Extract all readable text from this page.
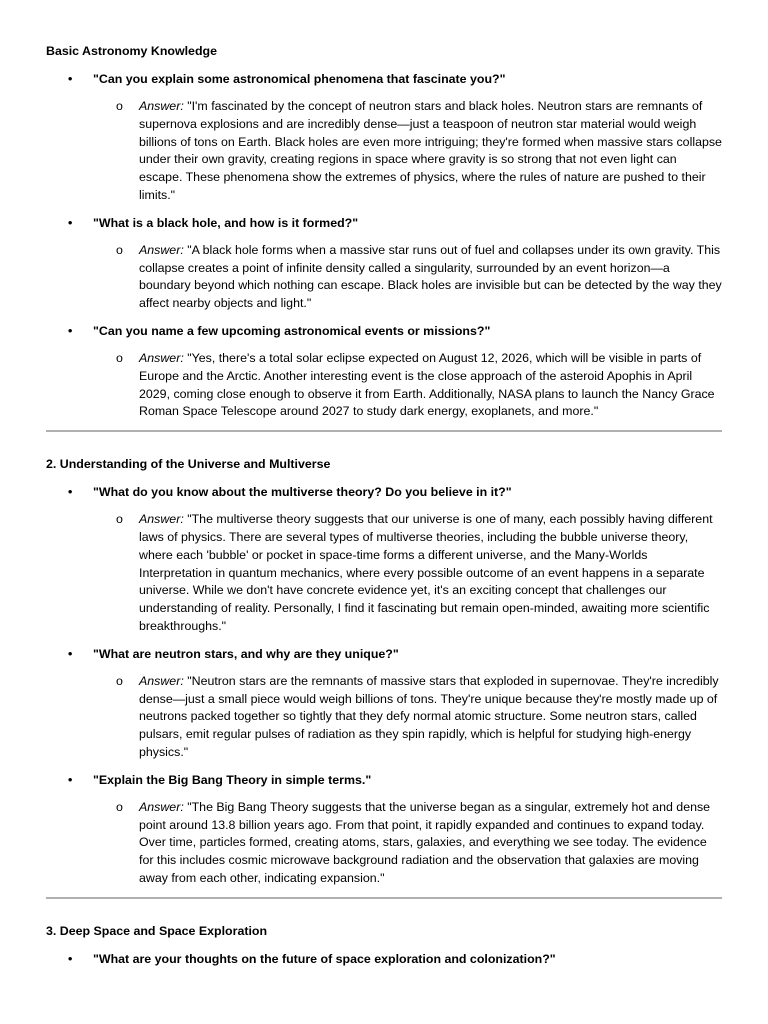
Basic Astronomy Knowledge

• "Can you explain some astronomical phenomena that fascinate you?"
o Answer: "I'm fascinated by the concept of neutron stars and black holes. Neutron stars are remnants of supernova explosions and are incredibly dense—just a teaspoon of neutron star material would weigh billions of tons on Earth. Black holes are even more intriguing; they're formed when massive stars collapse under their own gravity, creating regions in space where gravity is so strong that not even light can escape. These phenomena show the extremes of physics, where the rules of nature are pushed to their limits."
• "What is a black hole, and how is it formed?"
o Answer: "A black hole forms when a massive star runs out of fuel and collapses under its own gravity. This collapse creates a point of infinite density called a singularity, surrounded by an event horizon—a boundary beyond which nothing can escape. Black holes are invisible but can be detected by the way they affect nearby objects and light."
• "Can you name a few upcoming astronomical events or missions?"
o Answer: "Yes, there's a total solar eclipse expected on August 12, 2026, which will be visible in parts of Europe and the Arctic. Another interesting event is the close approach of the asteroid Apophis in April 2029, coming close enough to observe it from Earth. Additionally, NASA plans to launch the Nancy Grace Roman Space Telescope around 2027 to study dark energy, exoplanets, and more."

2. Understanding of the Universe and Multiverse

• "What do you know about the multiverse theory? Do you believe in it?"
o Answer: "The multiverse theory suggests that our universe is one of many, each possibly having different laws of physics. There are several types of multiverse theories, including the bubble universe theory, where each 'bubble' or pocket in space-time forms a different universe, and the Many-Worlds Interpretation in quantum mechanics, where every possible outcome of an event happens in a separate universe. While we don't have concrete evidence yet, it's an exciting concept that challenges our understanding of reality. Personally, I find it fascinating but remain open-minded, awaiting more scientific breakthroughs."
• "What are neutron stars, and why are they unique?"
o Answer: "Neutron stars are the remnants of massive stars that exploded in supernovae. They're incredibly dense—just a small piece would weigh billions of tons. They're unique because they're mostly made up of neutrons packed together so tightly that they defy normal atomic structure. Some neutron stars, called pulsars, emit regular pulses of radiation as they spin rapidly, which is helpful for studying high-energy physics."
• "Explain the Big Bang Theory in simple terms."
o Answer: "The Big Bang Theory suggests that the universe began as a singular, extremely hot and dense point around 13.8 billion years ago. From that point, it rapidly expanded and continues to expand today. Over time, particles formed, creating atoms, stars, galaxies, and everything we see today. The evidence for this includes cosmic microwave background radiation and the observation that galaxies are moving away from each other, indicating expansion."

3. Deep Space and Space Exploration

• "What are your thoughts on the future of space exploration and colonization?"
